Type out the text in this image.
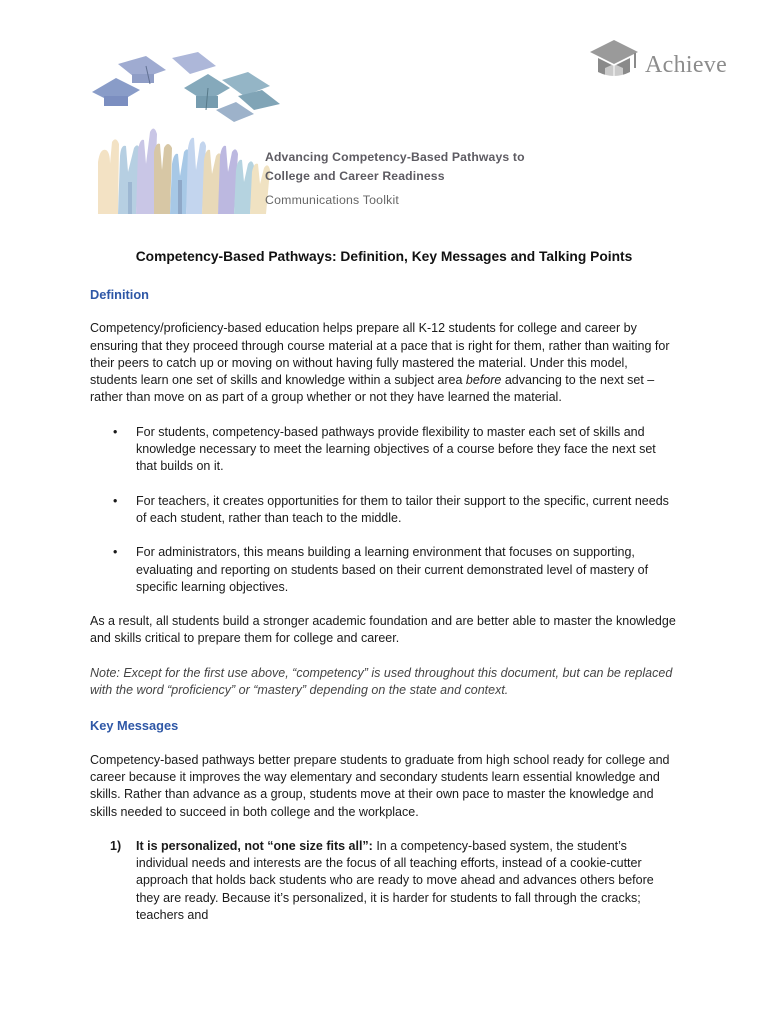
Achieve
Advancing Competency-Based Pathways to
College and Career Readiness
Communications Toolkit
Competency-Based Pathways: Definition, Key Messages and Talking Points
Definition

Competency/proficiency-based education helps prepare all K-12 students for college and career by ensuring that they proceed through course material at a pace that is right for them, rather than waiting for their peers to catch up or moving on without having fully mastered the material. Under this model, students learn one set of skills and knowledge within a subject area before advancing to the next set – rather than move on as part of a group whether or not they have learned the material.

• For students, competency-based pathways provide flexibility to master each set of skills and knowledge necessary to meet the learning objectives of a course before they face the next set that builds on it.
• For teachers, it creates opportunities for them to tailor their support to the specific, current needs of each student, rather than teach to the middle.
• For administrators, this means building a learning environment that focuses on supporting, evaluating and reporting on students based on their current demonstrated level of mastery of specific learning objectives.

As a result, all students build a stronger academic foundation and are better able to master the knowledge and skills critical to prepare them for college and career.

Note: Except for the first use above, “competency” is used throughout this document, but can be replaced with the word “proficiency” or “mastery” depending on the state and context.

Key Messages

Competency-based pathways better prepare students to graduate from high school ready for college and career because it improves the way elementary and secondary students learn essential knowledge and skills. Rather than advance as a group, students move at their own pace to master the knowledge and skills needed to succeed in both college and the workplace.

1) It is personalized, not “one size fits all”: In a competency-based system, the student’s individual needs and interests are the focus of all teaching efforts, instead of a cookie-cutter approach that holds back students who are ready to move ahead and advances others before they are ready. Because it’s personalized, it is harder for students to fall through the cracks; teachers and
